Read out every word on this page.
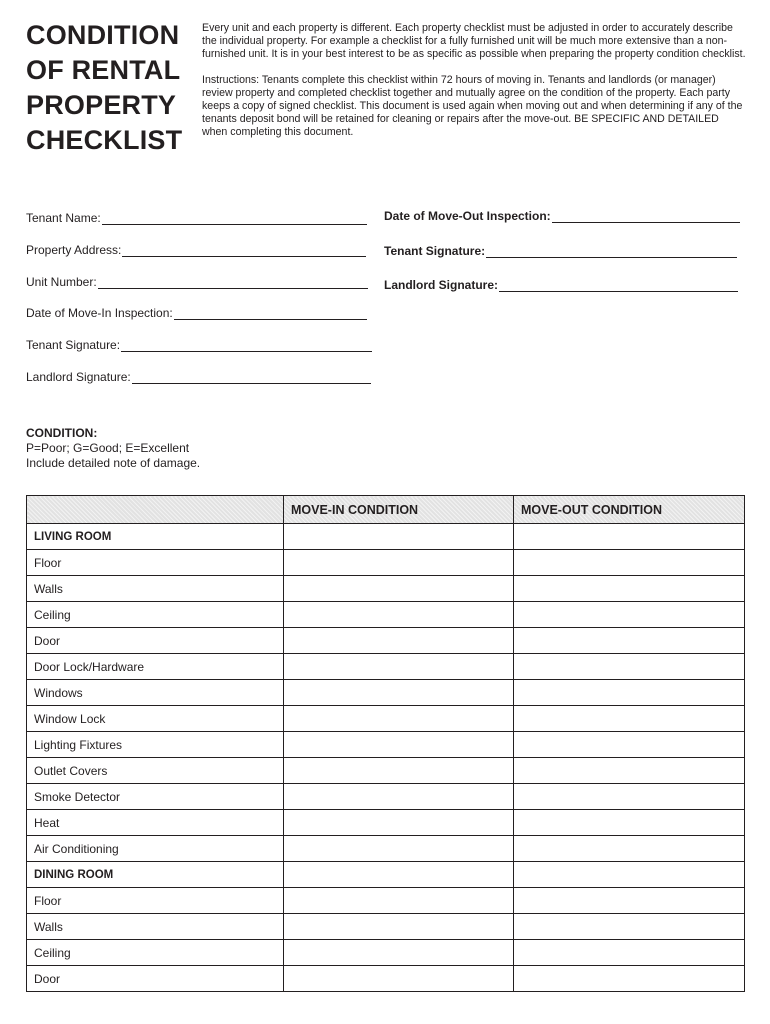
CONDITION
OF RENTAL
PROPERTY
CHECKLIST

Every unit and each property is different. Each property checklist must be adjusted in order to accurately describe the individual property. For example a checklist for a fully furnished unit will be much more extensive than a non-furnished unit. It is in your best interest to be as specific as possible when preparing the property condition checklist.

Instructions: Tenants complete this checklist within 72 hours of moving in. Tenants and landlords (or manager) review property and completed checklist together and mutually agree on the condition of the property. Each party keeps a copy of signed checklist. This document is used again when moving out and when determining if any of the tenants deposit bond will be retained for cleaning or repairs after the move-out. BE SPECIFIC AND DETAILED when completing this document.

Tenant Name:
Property Address:
Unit Number:
Date of Move-In Inspection:
Tenant Signature:
Landlord Signature:
Date of Move-Out Inspection:
Tenant Signature:
Landlord Signature:
CONDITION:
P=Poor; G=Good; E=Excellent
Include detailed note of damage.
	MOVE-IN CONDITION	MOVE-OUT CONDITION
LIVING ROOM		
Floor		
Walls		
Ceiling		
Door		
Door Lock/Hardware		
Windows		
Window Lock		
Lighting Fixtures		
Outlet Covers		
Smoke Detector		
Heat		
Air Conditioning		
DINING ROOM		
Floor		
Walls		
Ceiling		
Door		
